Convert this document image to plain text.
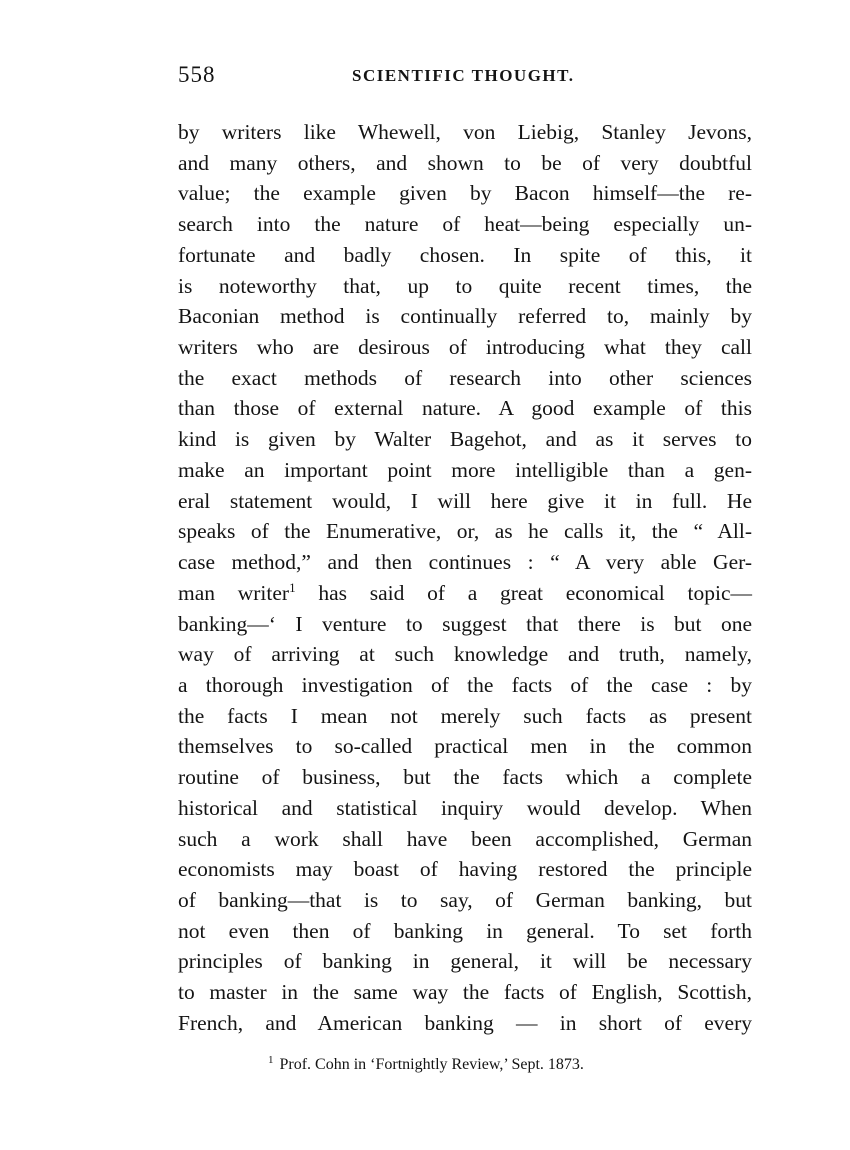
558	SCIENTIFIC THOUGHT.
by writers like Whewell, von Liebig, Stanley Jevons,
and many others, and shown to be of very doubtful
value; the example given by Bacon himself—the re-
search into the nature of heat—being especially un-
fortunate and badly chosen. In spite of this, it
is noteworthy that, up to quite recent times, the
Baconian method is continually referred to, mainly by
writers who are desirous of introducing what they call
the exact methods of research into other sciences
than those of external nature. A good example of this
kind is given by Walter Bagehot, and as it serves to
make an important point more intelligible than a gen-
eral statement would, I will here give it in full. He
speaks of the Enumerative, or, as he calls it, the “ All-
case method,” and then continues : “ A very able Ger-
man writer$^1$ has said of a great economical topic—
banking—‘ I venture to suggest that there is but one
way of arriving at such knowledge and truth, namely,
a thorough investigation of the facts of the case : by
the facts I mean not merely such facts as present
themselves to so-called practical men in the common
routine of business, but the facts which a complete
historical and statistical inquiry would develop. When
such a work shall have been accomplished, German
economists may boast of having restored the principle
of banking—that is to say, of German banking, but
not even then of banking in general. To set forth
principles of banking in general, it will be necessary
to master in the same way the facts of English, Scottish,
French, and American banking — in short of every
$^1$ Prof. Cohn in ‘Fortnightly Review,’ Sept. 1873.
